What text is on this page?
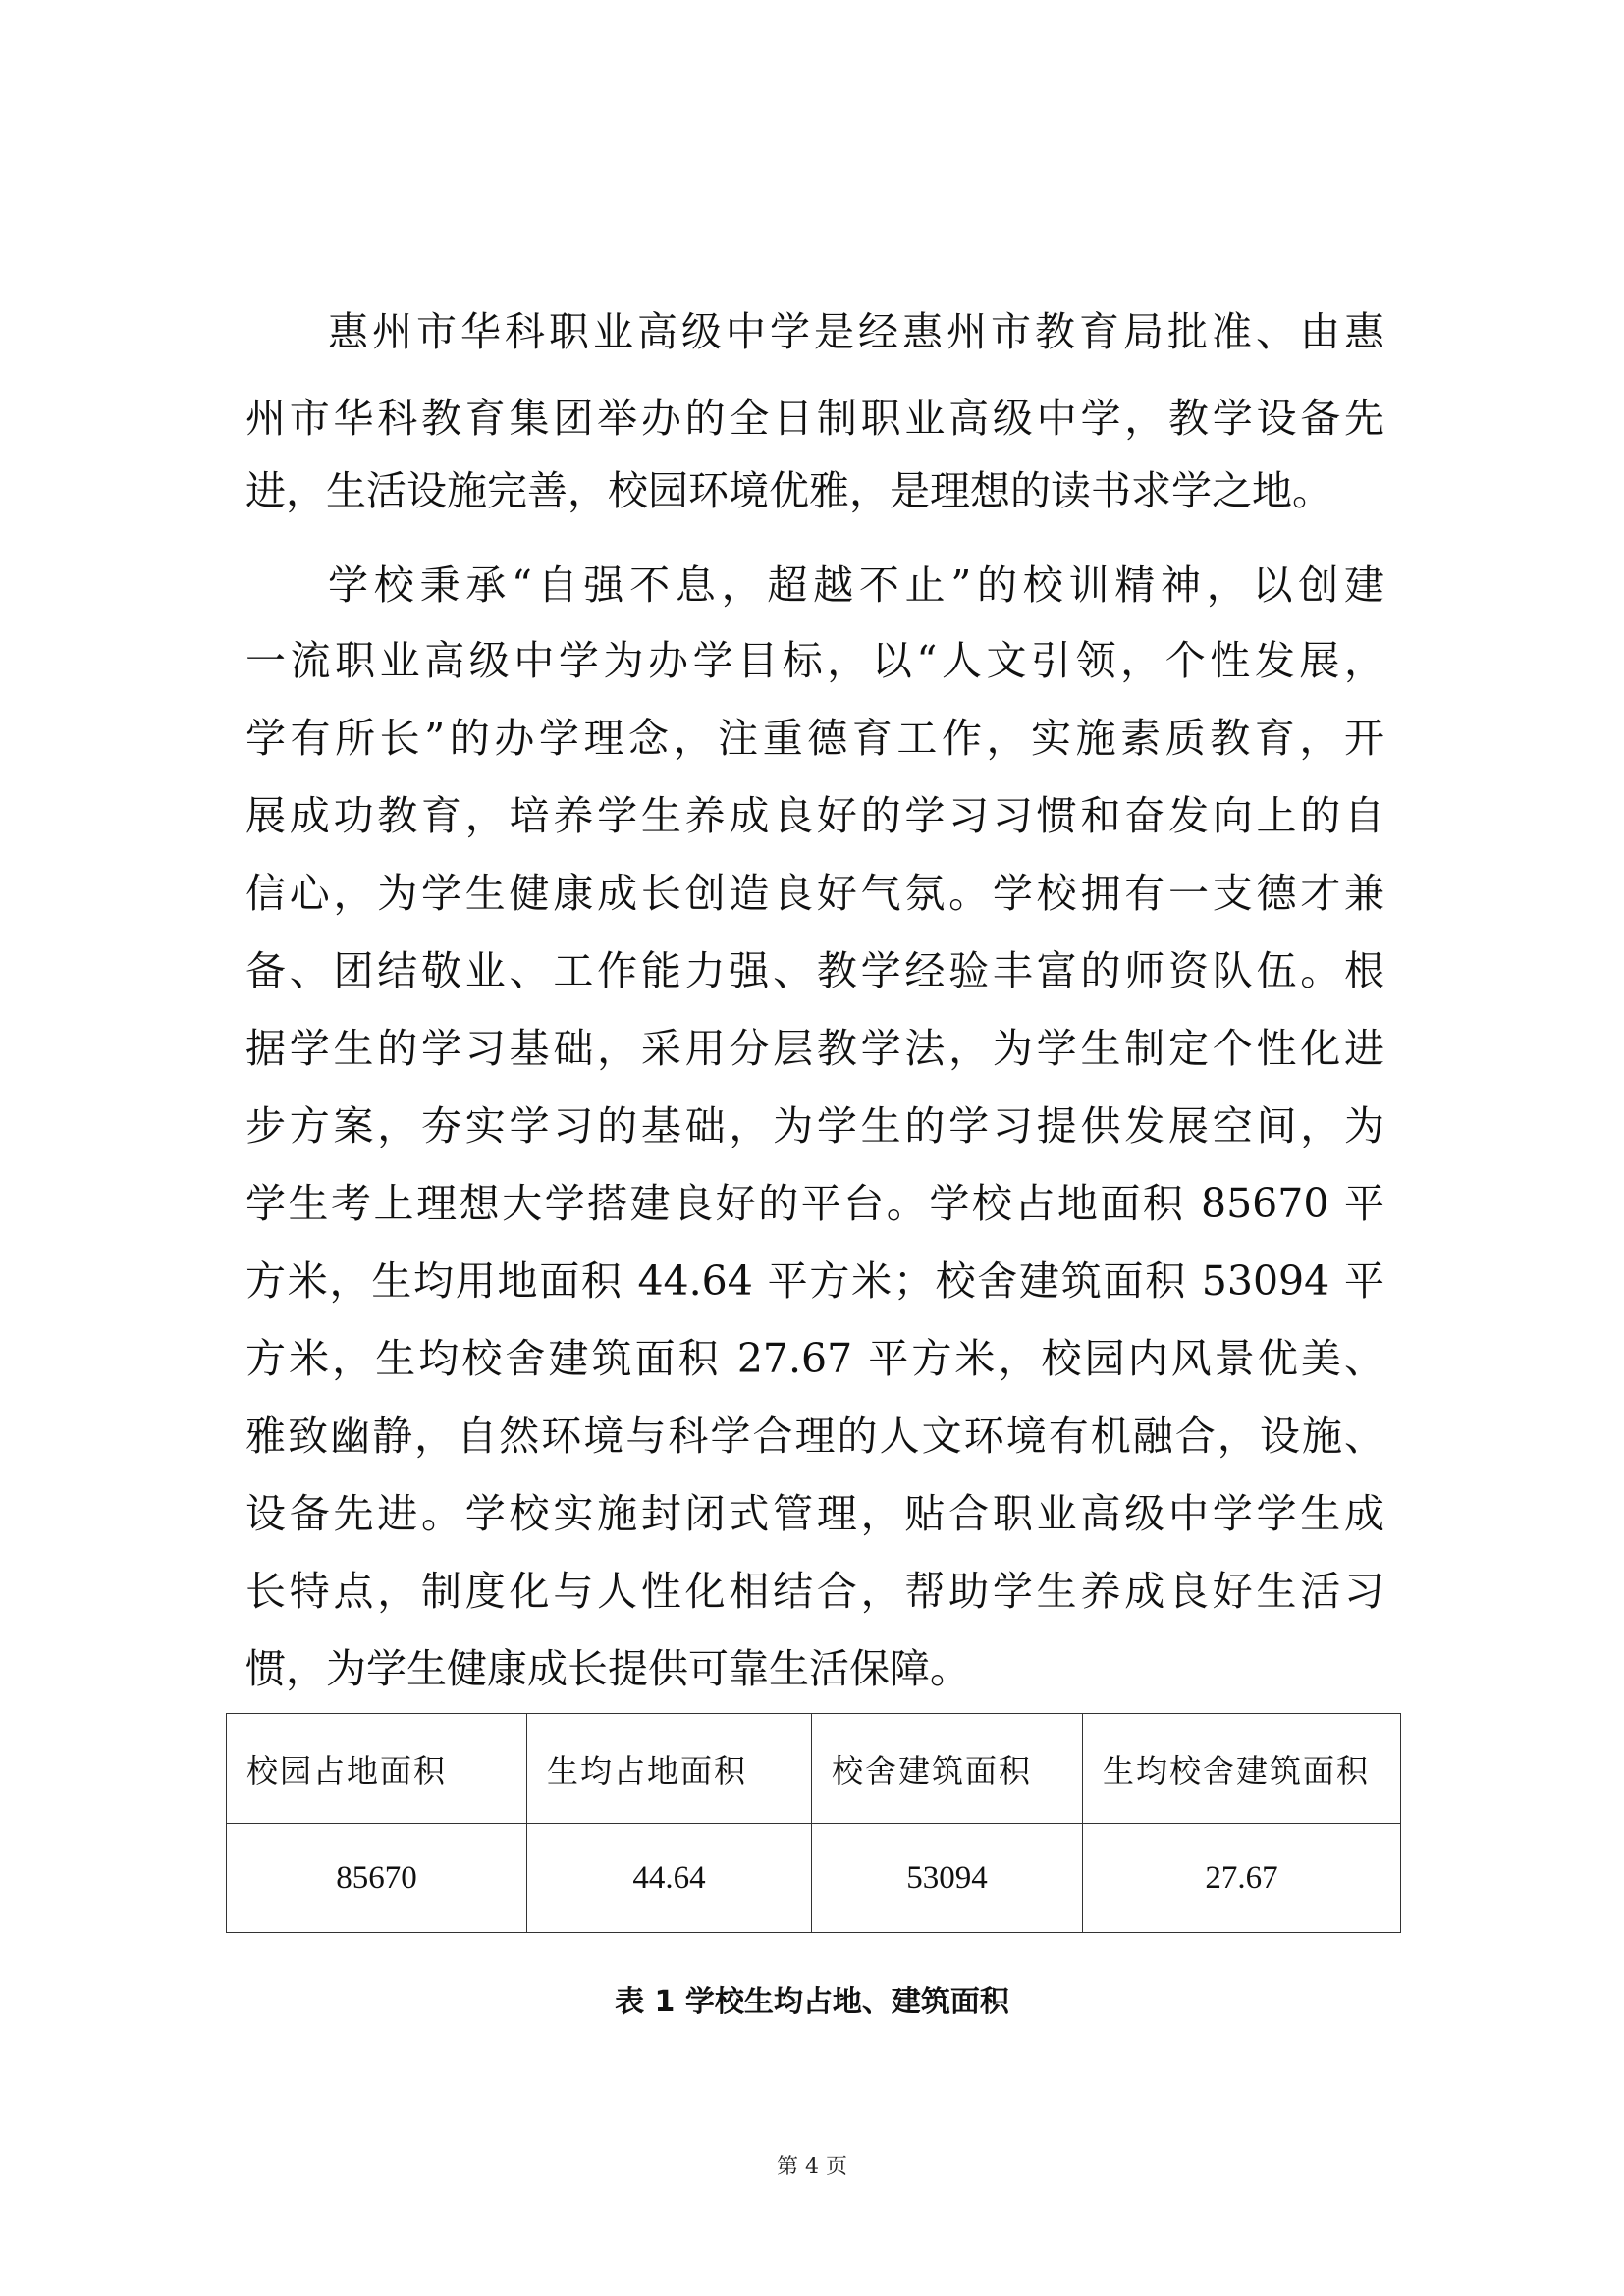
惠州市华科职业高级中学是经惠州市教育局批准、由惠
州市华科教育集团举办的全日制职业高级中学，教学设备先
进，生活设施完善，校园环境优雅，是理想的读书求学之地。
学校秉承“自强不息，超越不止”的校训精神，以创建
一流职业高级中学为办学目标，以“人文引领，个性发展，
学有所长”的办学理念，注重德育工作，实施素质教育，开
展成功教育，培养学生养成良好的学习习惯和奋发向上的自
信心，为学生健康成长创造良好气氛。学校拥有一支德才兼
备、团结敬业、工作能力强、教学经验丰富的师资队伍。根
据学生的学习基础，采用分层教学法，为学生制定个性化进
步方案，夯实学习的基础，为学生的学习提供发展空间，为
学生考上理想大学搭建良好的平台。学校占地面积 85670 平
方米，生均用地面积 44.64 平方米；校舍建筑面积 53094 平
方米，生均校舍建筑面积 27.67 平方米，校园内风景优美、
雅致幽静，自然环境与科学合理的人文环境有机融合，设施、
设备先进。学校实施封闭式管理，贴合职业高级中学学生成
长特点，制度化与人性化相结合，帮助学生养成良好生活习
惯，为学生健康成长提供可靠生活保障。
校园占地面积	生均占地面积	校舍建筑面积	生均校舍建筑面积
85670	44.64	53094	27.67
表 1 学校生均占地、建筑面积
第 4 页
